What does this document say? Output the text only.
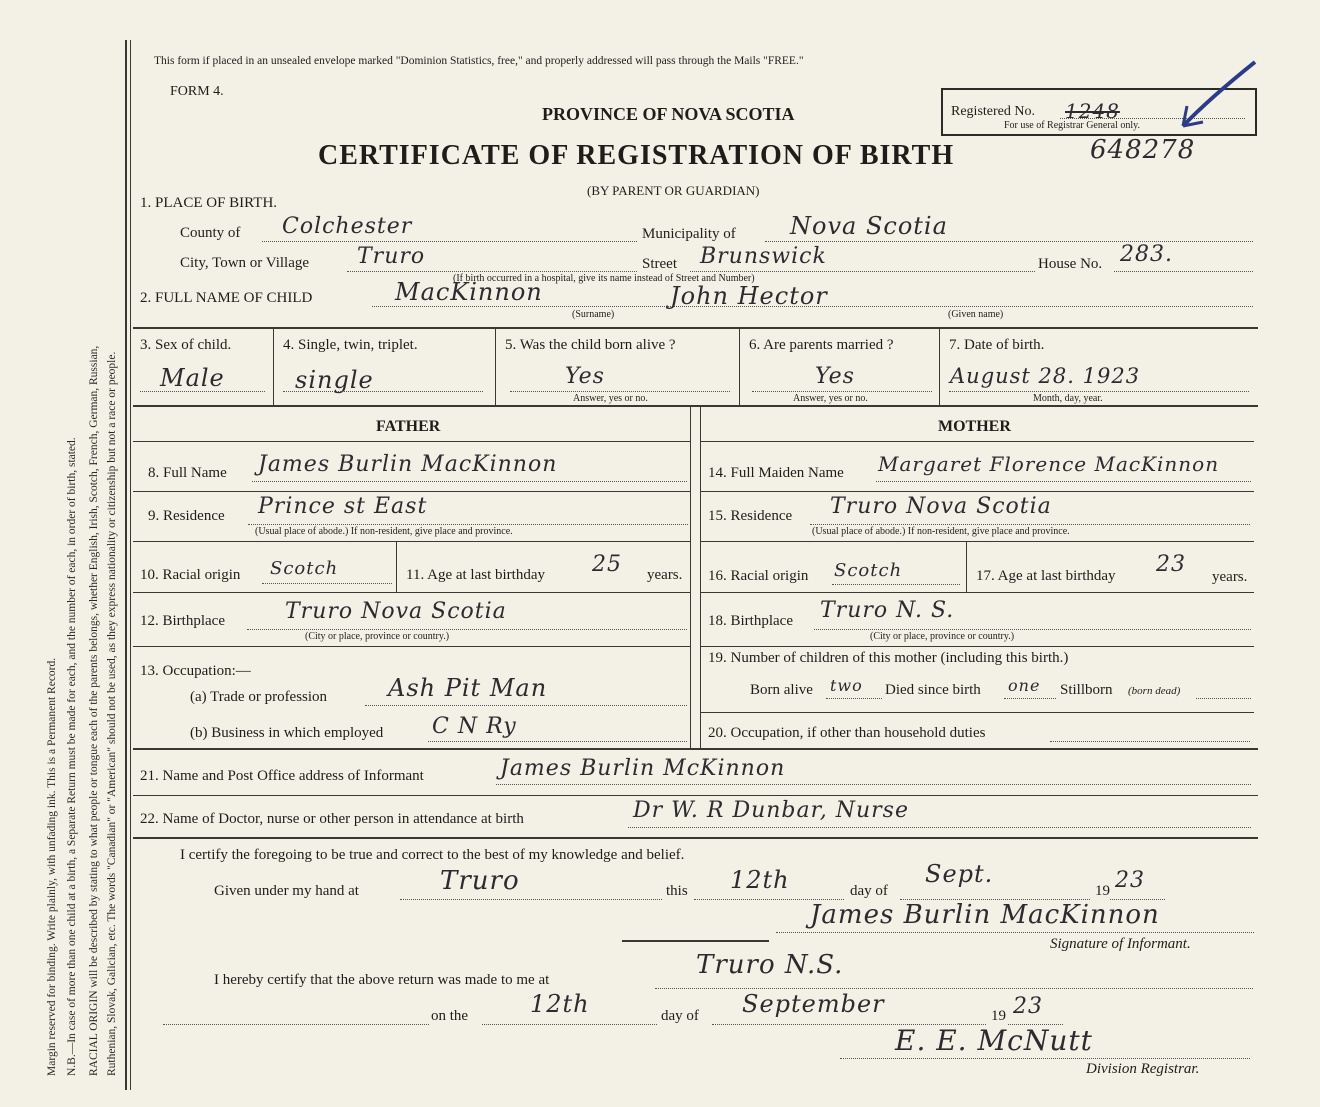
Margin reserved for binding. Write plainly, with unfading ink. This is a Permanent Record. N.B.—In case of more than one child at a birth, a Separate Return must be made for each, and the number of each, in order of birth, stated. RACIAL ORIGIN will be described by stating to what people or tongue each of the parents belongs, whether English, Irish, Scotch, French, German, Russian, Ruthenian, Slovak, Galician, etc. The words "Canadian" or "American" should not be used, as they express nationality or citizenship but not a race or people.
This form if placed in an unsealed envelope marked "Dominion Statistics, free," and properly addressed will pass through the Mails "FREE."
FORM 4.
PROVINCE OF NOVA SCOTIA
CERTIFICATE OF REGISTRATION OF BIRTH	648278
(BY PARENT OR GUARDIAN)
Registered No. 1248
For use of Registrar General only.
1. PLACE OF BIRTH.
County of Colchester	Municipality of Nova Scotia
City, Town or Village Truro	Street Brunswick	House No. 283.
(If birth occurred in a hospital, give its name instead of Street and Number)
2. FULL NAME OF CHILD	MacKinnon	John Hector
(Surname)	(Given name)
3. Sex of child.
Male
4. Single, twin, triplet.
single
5. Was the child born alive ?
Yes
Answer, yes or no.
6. Are parents married ?
Yes
Answer, yes or no.
7. Date of birth.
August 28. 1923
Month, day, year.
FATHER	MOTHER
8. Full Name James Burlin MacKinnon
9. Residence Prince st East
(Usual place of abode.) If non-resident, give place and province.
10. Racial origin Scotch	11. Age at last birthday 25 years.
12. Birthplace	Truro Nova Scotia
(City or place, province or country.)
13. Occupation:—
(a) Trade or profession	Ash Pit Man
(b) Business in which employed C N Ry
14. Full Maiden Name Margaret Florence MacKinnon
15. Residence Truro Nova Scotia
(Usual place of abode.) If non-resident, give place and province.
16. Racial origin Scotch	17. Age at last birthday 23 years.
18. Birthplace Truro N. S.
(City or place, province or country.)
19. Number of children of this mother (including this birth.)
Born alive two Died since birth one Stillborn (born dead)
20. Occupation, if other than household duties
21. Name and Post Office address of Informant	James Burlin McKinnon
22. Name of Doctor, nurse or other person in attendance at birth	Dr W. R Dunbar, Nurse
I certify the foregoing to be true and correct to the best of my knowledge and belief.
Given under my hand at	Truro	this 12th	day of
Sept.
19 23
James Burlin MacKinnon
Signature of Informant.
I hereby certify that the above return was made to me at	Truro N.S.
on the	12th	day of September	19 23
E. E. McNutt
Division Registrar.
